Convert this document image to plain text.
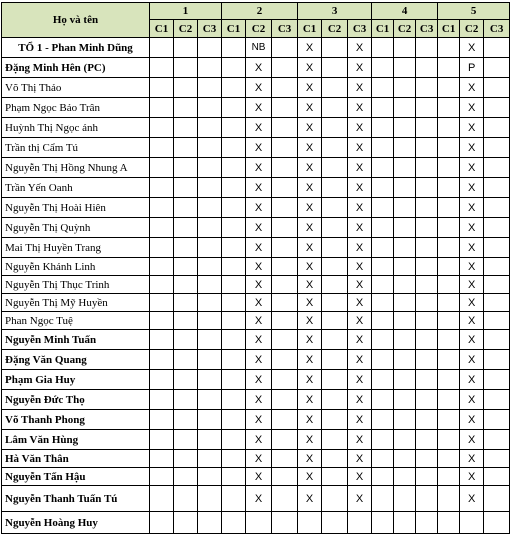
Họ và tên	1			2			3			4			5		
	C1	C2	C3	C1	C2	C3	C1	C2	C3	C1	C2	C3	C1	C2	C3
TỔ 1 - Phan Minh Dũng					NB		X		X					X	
Đặng Minh Hên (PC)					X		X		X					P	
Võ Thị Thảo					X		X		X					X	
Phạm Ngọc Bảo Trân					X		X		X					X	
Huỳnh Thị Ngọc ánh					X		X		X					X	
Trần thị Cẩm Tú					X		X		X					X	
Nguyễn Thị Hồng Nhung A					X		X		X					X	
Trần Yến Oanh					X		X		X					X	
Nguyễn Thị Hoài Hiên					X		X		X					X	
Nguyễn Thị Quỳnh					X		X		X					X	
Mai Thị Huyền Trang					X		X		X					X	
Nguyễn Khánh Linh					X		X		X					X	
Nguyễn Thị Thục Trinh					X		X		X					X	
Nguyễn Thị Mỹ Huyền					X		X		X					X	
Phan Ngọc Tuệ					X		X		X					X	
Nguyễn Minh Tuấn					X		X		X					X	
Đặng Văn Quang					X		X		X					X	
Phạm Gia Huy					X		X		X					X	
Nguyễn Đức Thọ					X		X		X					X	
Võ Thanh Phong					X		X		X					X	
Lâm Văn Hùng					X		X		X					X	
Hà Văn Thân					X		X		X					X	
Nguyễn Tấn Hậu					X		X		X					X	
Nguyễn Thanh Tuấn Tú					X		X		X					X	
Nguyễn Hoàng Huy															
